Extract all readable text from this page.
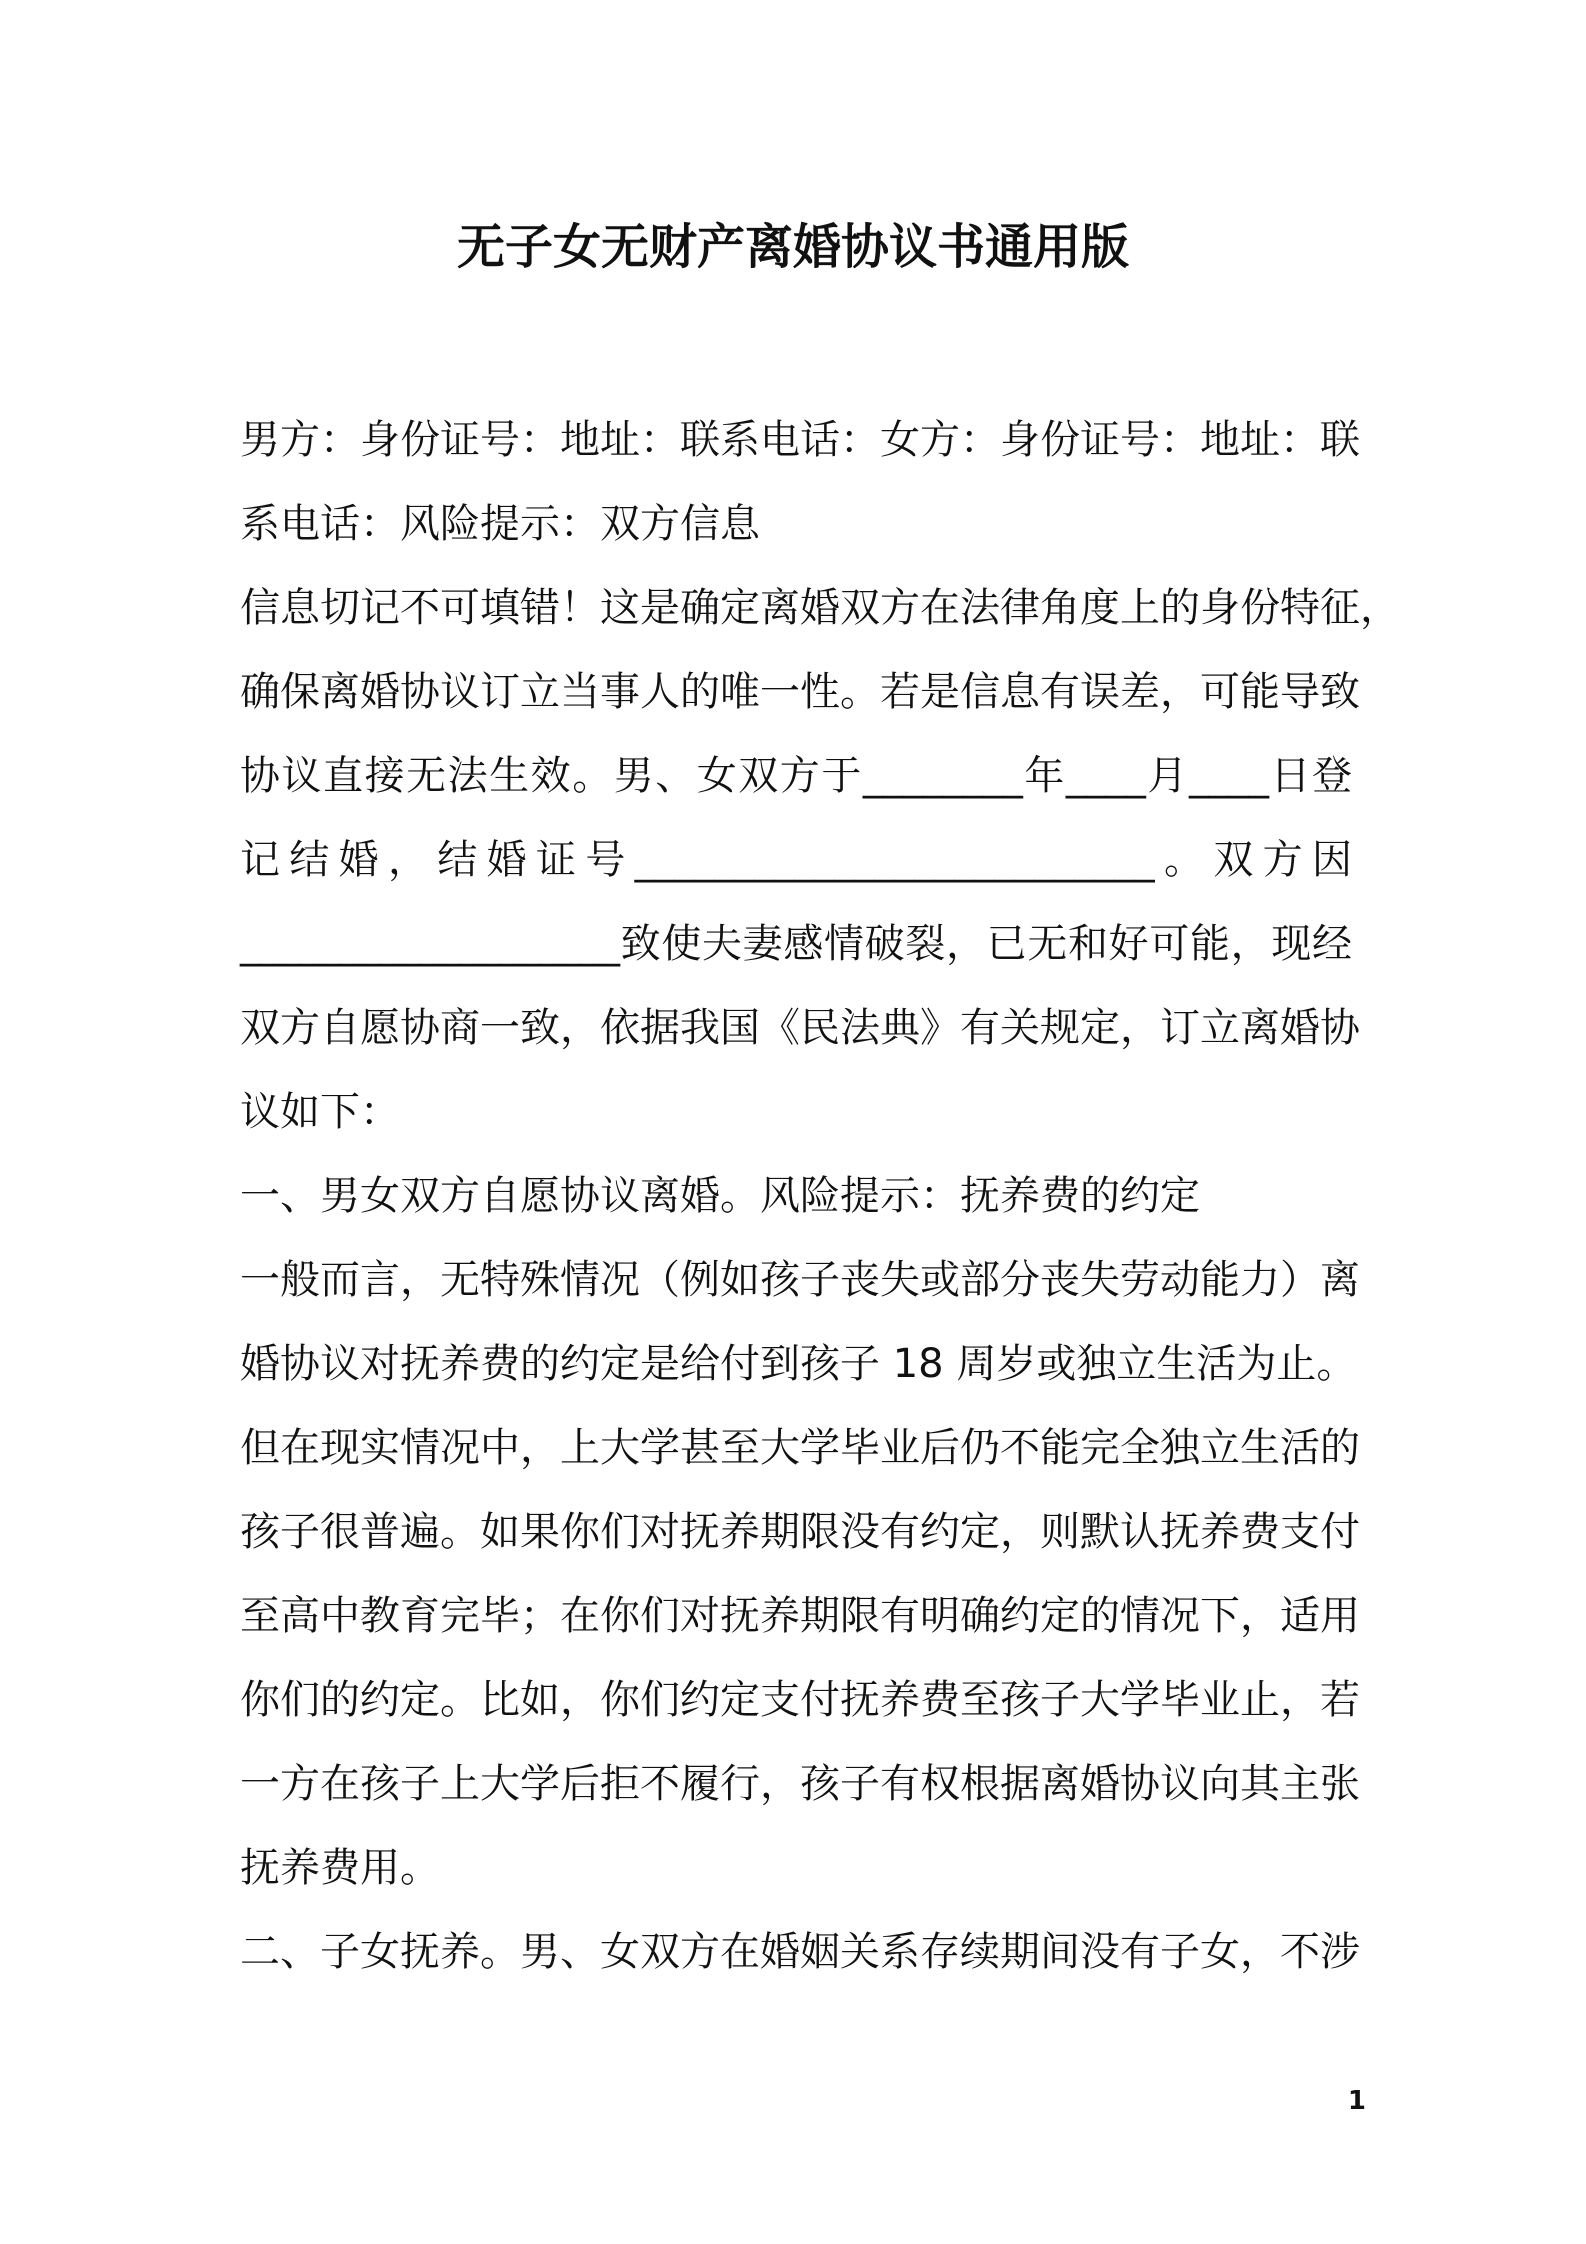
无子女无财产离婚协议书通用版
男方：身份证号：地址：联系电话：女方：身份证号：地址：联
系电话：风险提示：双方信息
信息切记不可填错！这是确定离婚双方在法律角度上的身份特征，
确保离婚协议订立当事人的唯一性。若是信息有误差，可能导致
协议直接无法生效。男、女双方于________年____月____日登
记结婚，结婚证号__________________________。双方因
___________________致使夫妻感情破裂，已无和好可能，现经
双方自愿协商一致，依据我国《民法典》有关规定，订立离婚协
议如下：
一、男女双方自愿协议离婚。风险提示：抚养费的约定
一般而言，无特殊情况（例如孩子丧失或部分丧失劳动能力）离
婚协议对抚养费的约定是给付到孩子 18 周岁或独立生活为止。
但在现实情况中，上大学甚至大学毕业后仍不能完全独立生活的
孩子很普遍。如果你们对抚养期限没有约定，则默认抚养费支付
至高中教育完毕；在你们对抚养期限有明确约定的情况下，适用
你们的约定。比如，你们约定支付抚养费至孩子大学毕业止，若
一方在孩子上大学后拒不履行，孩子有权根据离婚协议向其主张
抚养费用。
二、子女抚养。男、女双方在婚姻关系存续期间没有子女，不涉
1
